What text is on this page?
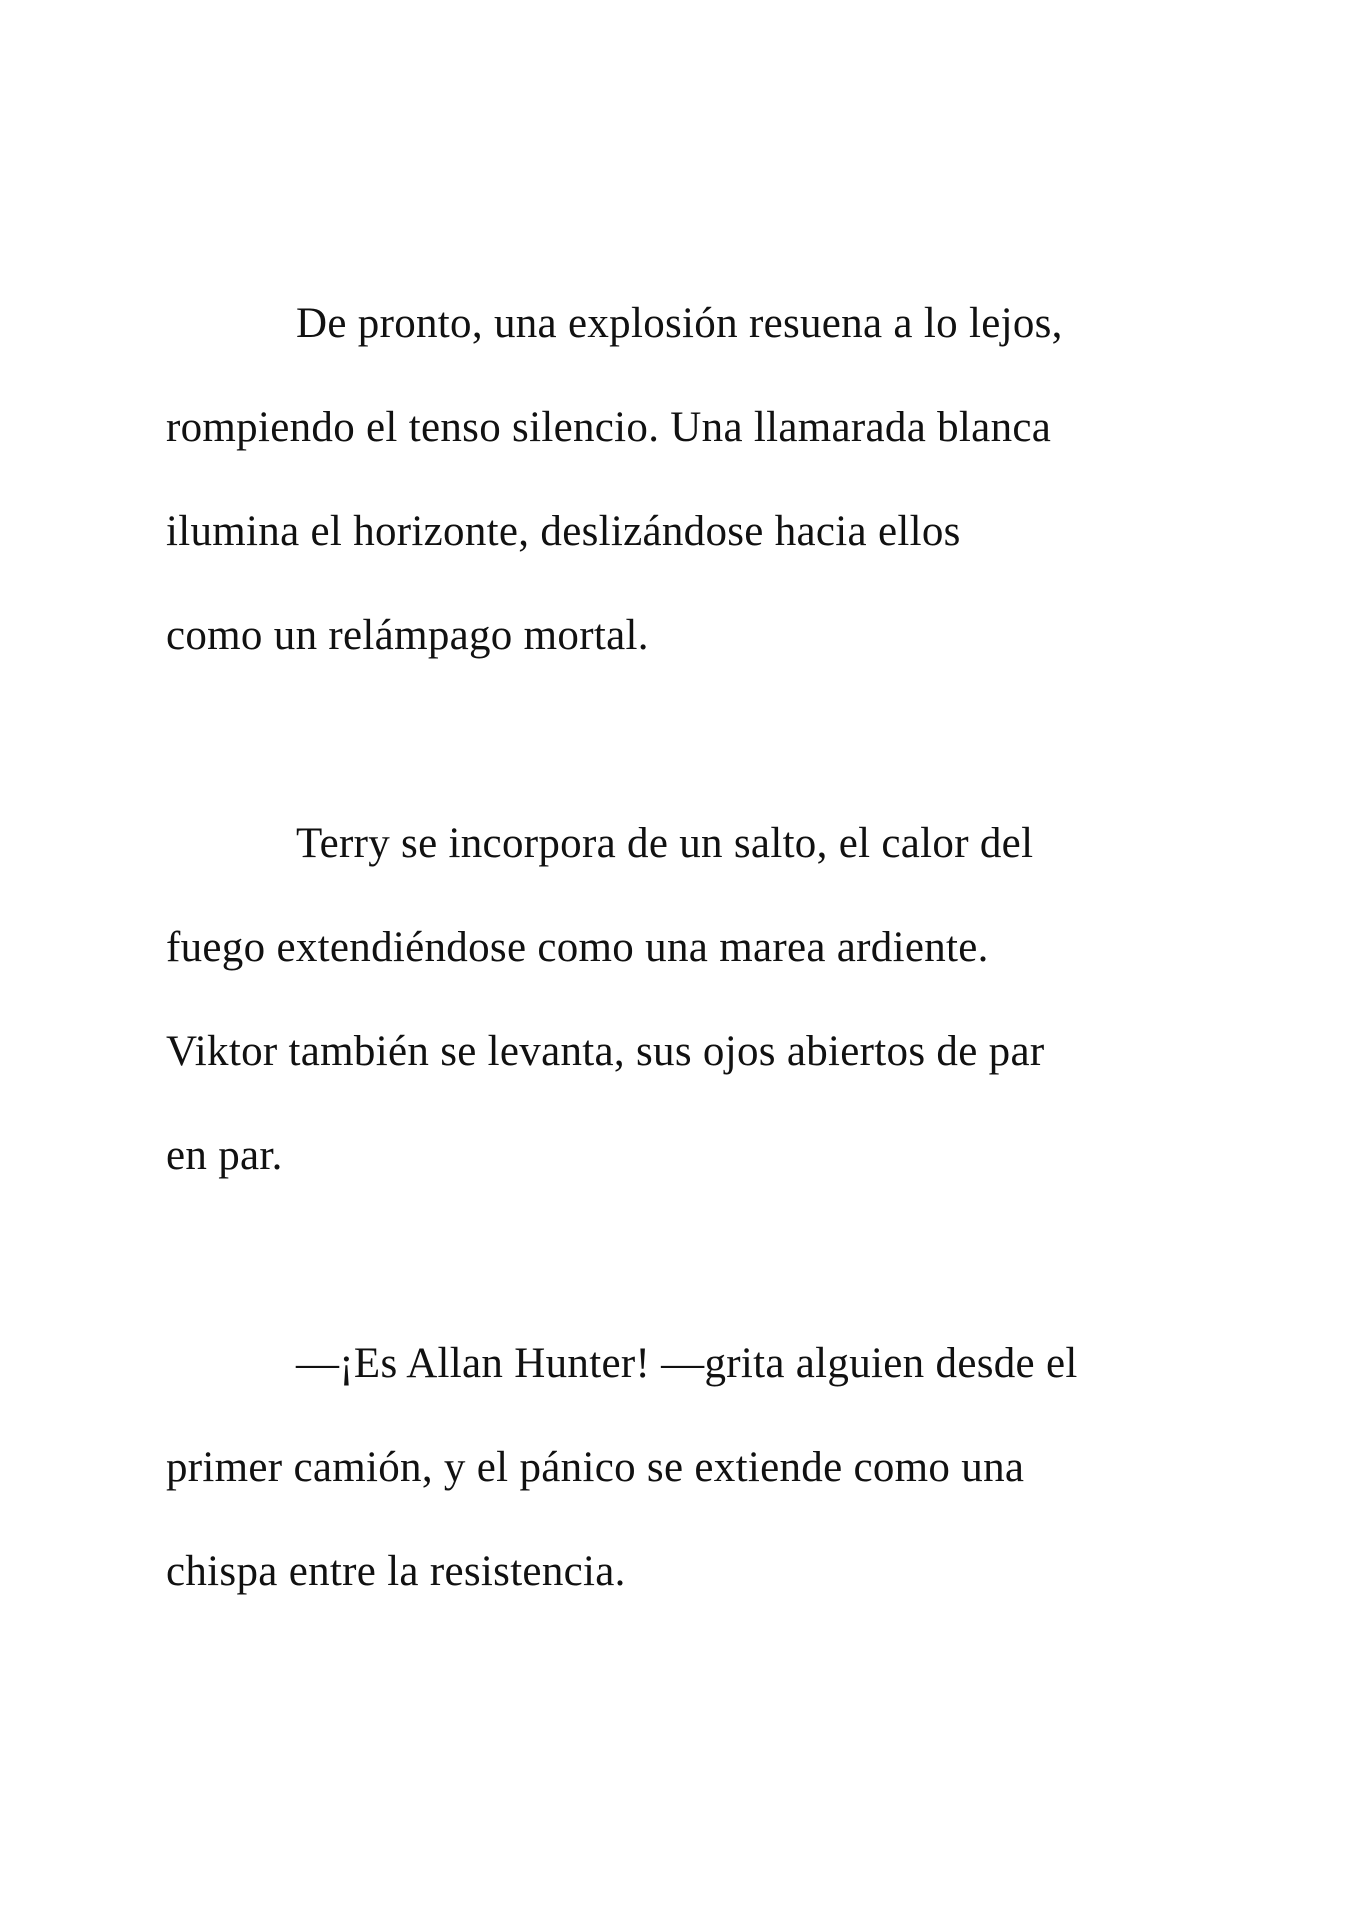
De pronto, una explosión resuena a lo lejos,
rompiendo el tenso silencio. Una llamarada blanca
ilumina el horizonte, deslizándose hacia ellos
como un relámpago mortal.
Terry se incorpora de un salto, el calor del
fuego extendiéndose como una marea ardiente.
Viktor también se levanta, sus ojos abiertos de par
en par.
—¡Es Allan Hunter! —grita alguien desde el
primer camión, y el pánico se extiende como una
chispa entre la resistencia.
